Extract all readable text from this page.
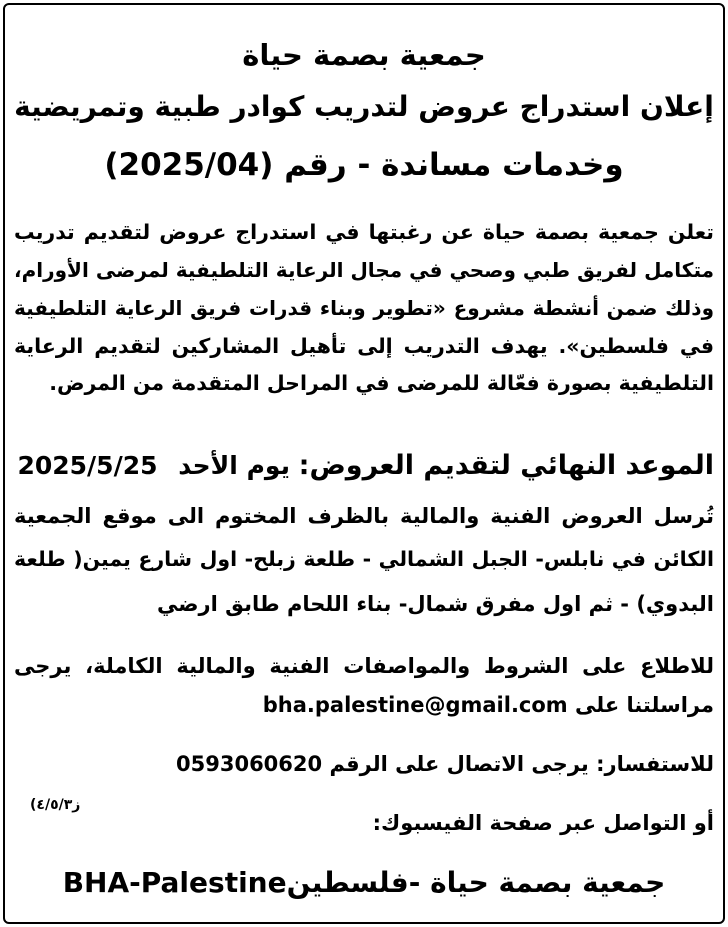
جمعية بصمة حياة
إعلان استدراج عروض لتدريب كوادر طبية وتمريضية
وخدمات مساندة - رقم (2025/04)
تعلن جمعية بصمة حياة عن رغبتها في استدراج عروض لتقديم تدريب
متكامل لفريق طبي وصحي في مجال الرعاية التلطيفية لمرضى الأورام،
وذلك ضمن أنشطة مشروع «تطوير وبناء قدرات فريق الرعاية التلطيفية
في فلسطين». يهدف التدريب إلى تأهيل المشاركين لتقديم الرعاية
التلطيفية بصورة فعّالة للمرضى في المراحل المتقدمة من المرض.
الموعد النهائي لتقديم العروض: يوم الأحد 2025/5/25
تُرسل العروض الفنية والمالية بالظرف المختوم الى موقع الجمعية
الكائن في نابلس- الجبل الشمالي - طلعة زبلح- اول شارع يمين( طلعة
البدوي) - ثم اول مفرق شمال- بناء اللحام طابق ارضي
للاطلاع على الشروط والمواصفات الفنية والمالية الكاملة، يرجى
مراسلتنا على bha.palestine@gmail.com
للاستفسار: يرجى الاتصال على الرقم 0593060620
أو التواصل عبر صفحة الفيسبوك:
جمعية بصمة حياة -فلسطينBHA-Palestine
ز٤/٥/٣)
